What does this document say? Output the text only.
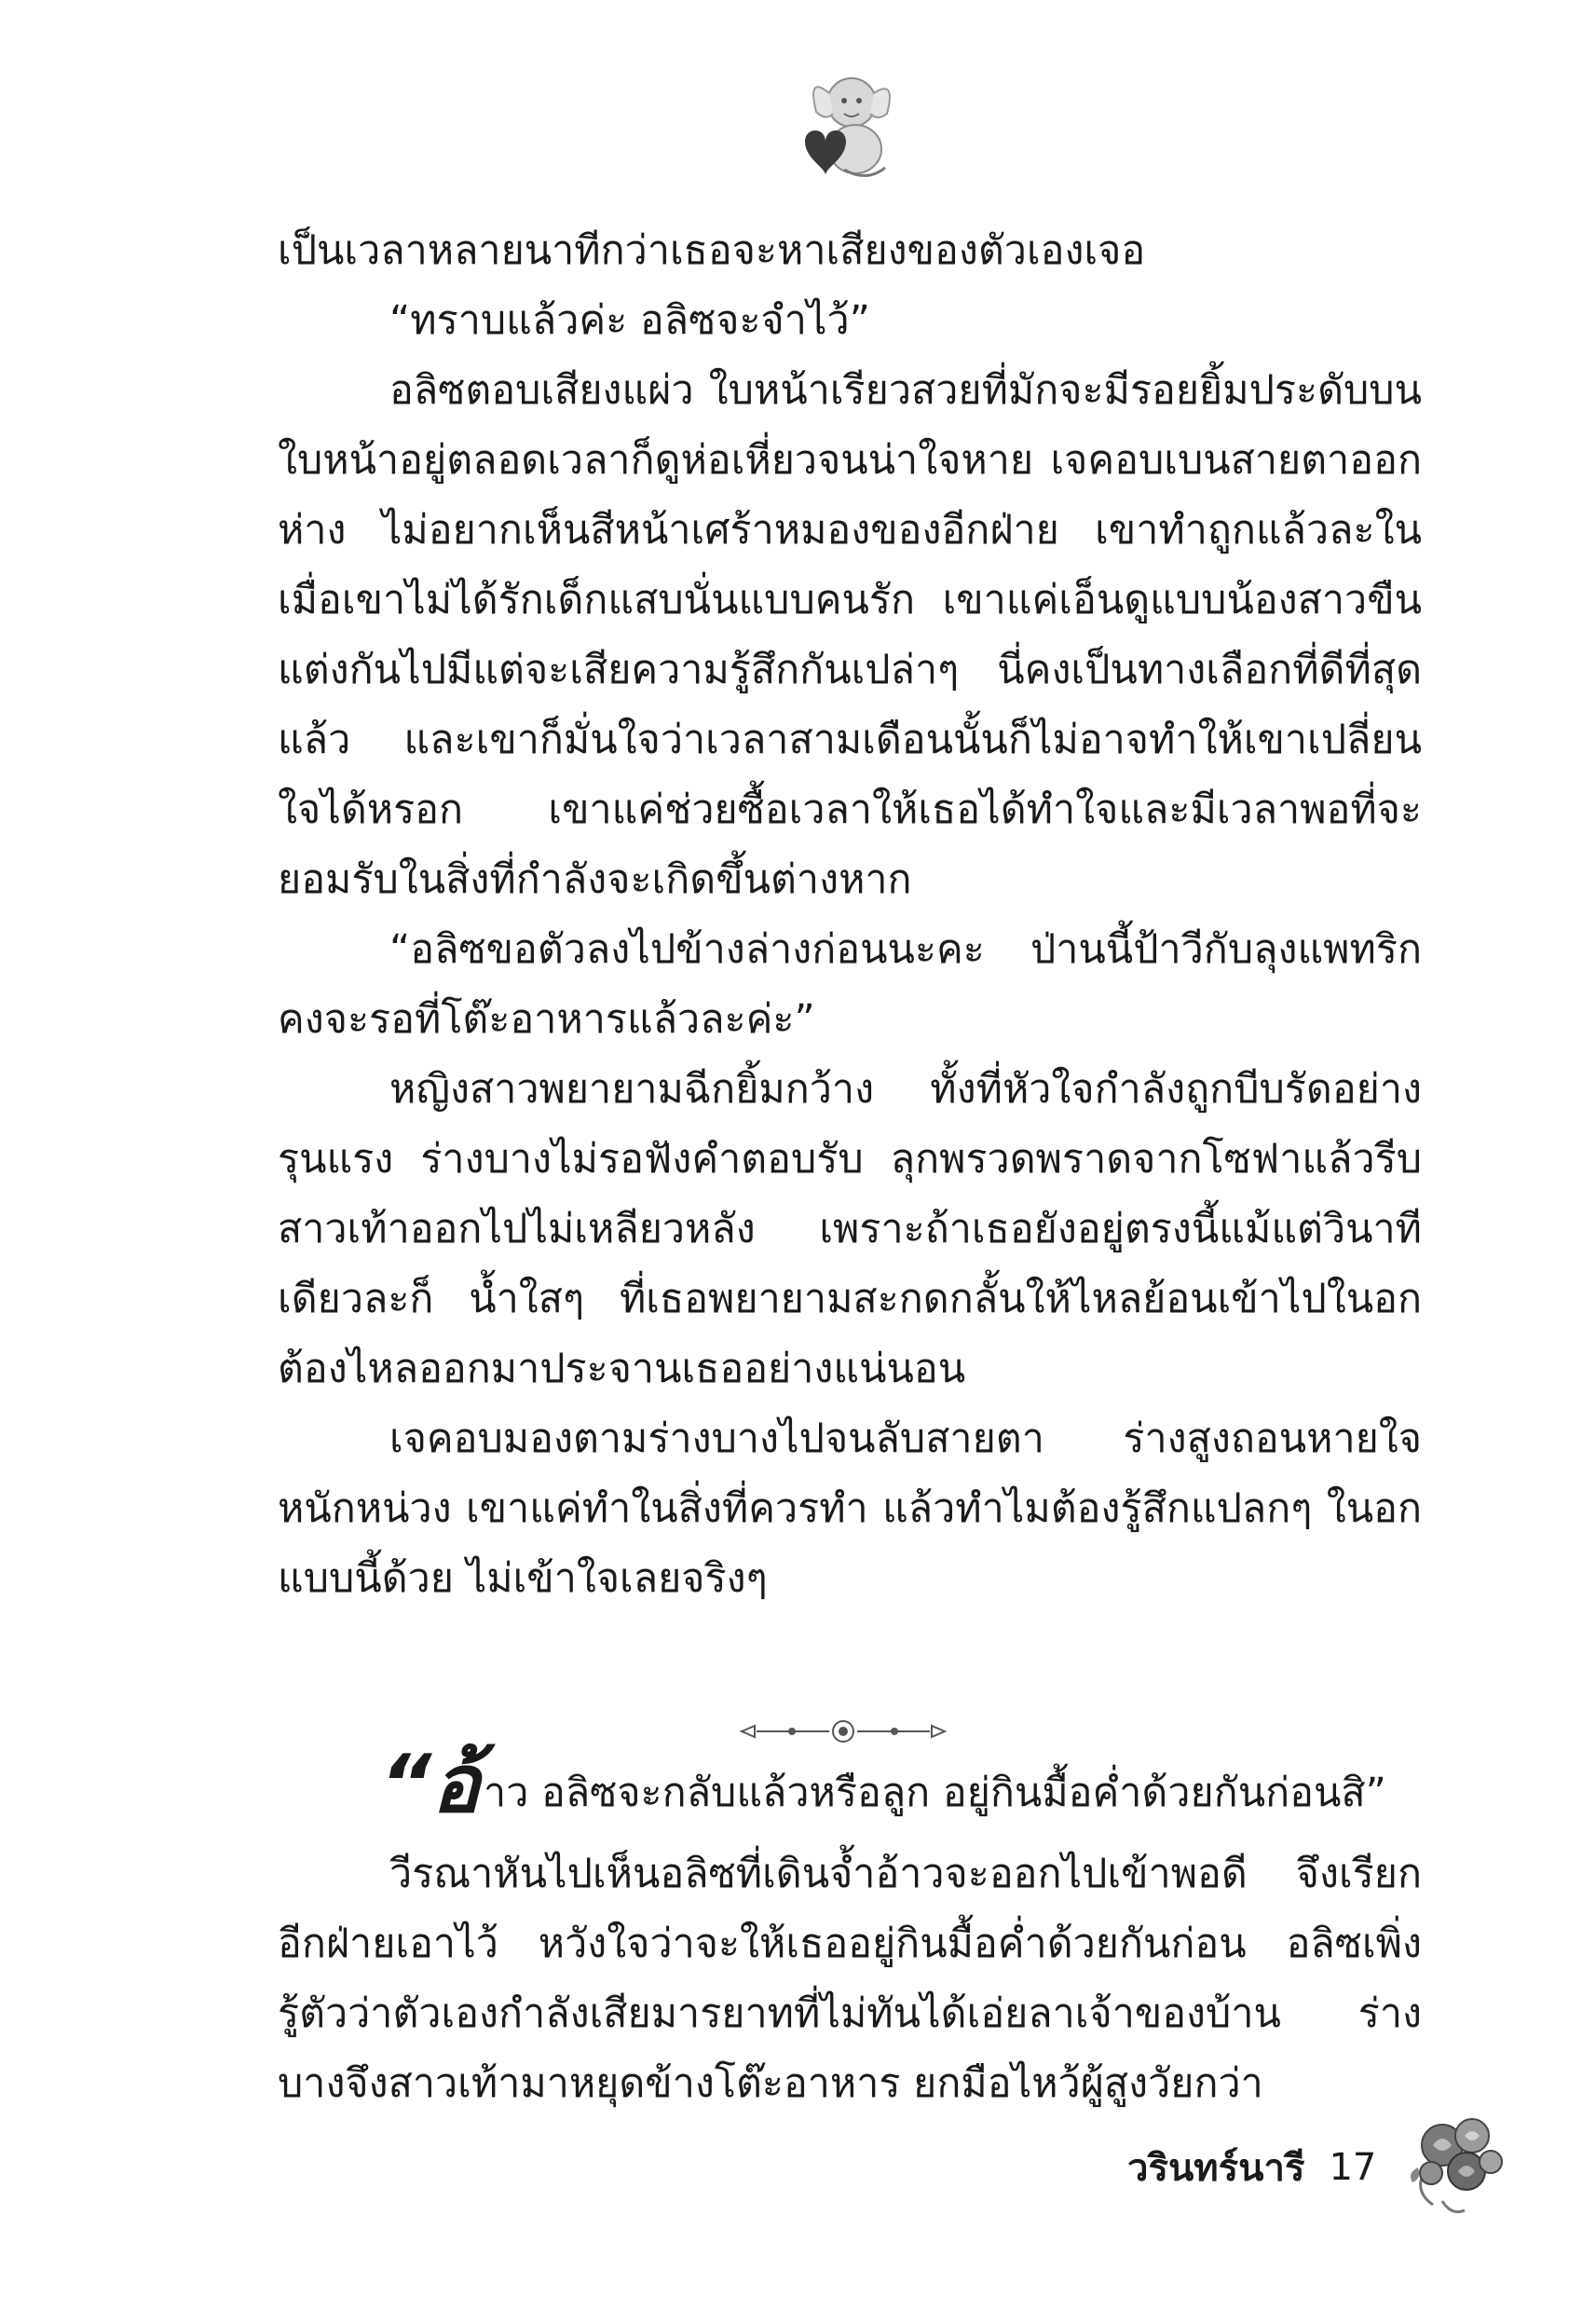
เป็นเวลาหลายนาทีกว่าเธอจะหาเสียงของตัวเองเจอ

“ทราบแล้วค่ะ อลิซจะจำไว้”

อลิซตอบเสียงแผ่ว ใบหน้าเรียวสวยที่มักจะมีรอยยิ้มประดับบนใบหน้าอยู่ตลอดเวลาก็ดูห่อเหี่ยวจนน่าใจหาย เจคอบเบนสายตาออกห่าง ไม่อยากเห็นสีหน้าเศร้าหมองของอีกฝ่าย เขาทำถูกแล้วละในเมื่อเขาไม่ได้รักเด็กแสบนั่นแบบคนรัก เขาแค่เอ็นดูแบบน้องสาวขืนแต่งกันไปมีแต่จะเสียความรู้สึกกันเปล่าๆ นี่คงเป็นทางเลือกที่ดีที่สุดแล้ว และเขาก็มั่นใจว่าเวลาสามเดือนนั้นก็ไม่อาจทำให้เขาเปลี่ยนใจได้หรอก เขาแค่ช่วยซื้อเวลาให้เธอได้ทำใจและมีเวลาพอที่จะยอมรับในสิ่งที่กำลังจะเกิดขึ้นต่างหาก

“อลิซขอตัวลงไปข้างล่างก่อนนะคะ ป่านนี้ป้าวีกับลุงแพทริกคงจะรอที่โต๊ะอาหารแล้วละค่ะ”

หญิงสาวพยายามฉีกยิ้มกว้าง ทั้งที่หัวใจกำลังถูกบีบรัดอย่างรุนแรง ร่างบางไม่รอฟังคำตอบรับ ลุกพรวดพราดจากโซฟาแล้วรีบสาวเท้าออกไปไม่เหลียวหลัง เพราะถ้าเธอยังอยู่ตรงนี้แม้แต่วินาทีเดียวละก็ น้ำใสๆ ที่เธอพยายามสะกดกลั้นให้ไหลย้อนเข้าไปในอก ต้องไหลออกมาประจานเธออย่างแน่นอน

เจคอบมองตามร่างบางไปจนลับสายตา ร่างสูงถอนหายใจหนักหน่วง เขาแค่ทำในสิ่งที่ควรทำ แล้วทำไมต้องรู้สึกแปลกๆ ในอกแบบนี้ด้วย ไม่เข้าใจเลยจริงๆ

“อ้าว อลิซจะกลับแล้วหรือลูก อยู่กินมื้อค่ำด้วยกันก่อนสิ”

วีรณาหันไปเห็นอลิซที่เดินจ้ำอ้าวจะออกไปเข้าพอดี จึงเรียกอีกฝ่ายเอาไว้ หวังใจว่าจะให้เธออยู่กินมื้อค่ำด้วยกันก่อน อลิซเพิ่งรู้ตัวว่าตัวเองกำลังเสียมารยาทที่ไม่ทันได้เอ่ยลาเจ้าของบ้าน ร่างบางจึงสาวเท้ามาหยุดข้างโต๊ะอาหาร ยกมือไหว้ผู้สูงวัยกว่า

วรินทร์นารี 17
